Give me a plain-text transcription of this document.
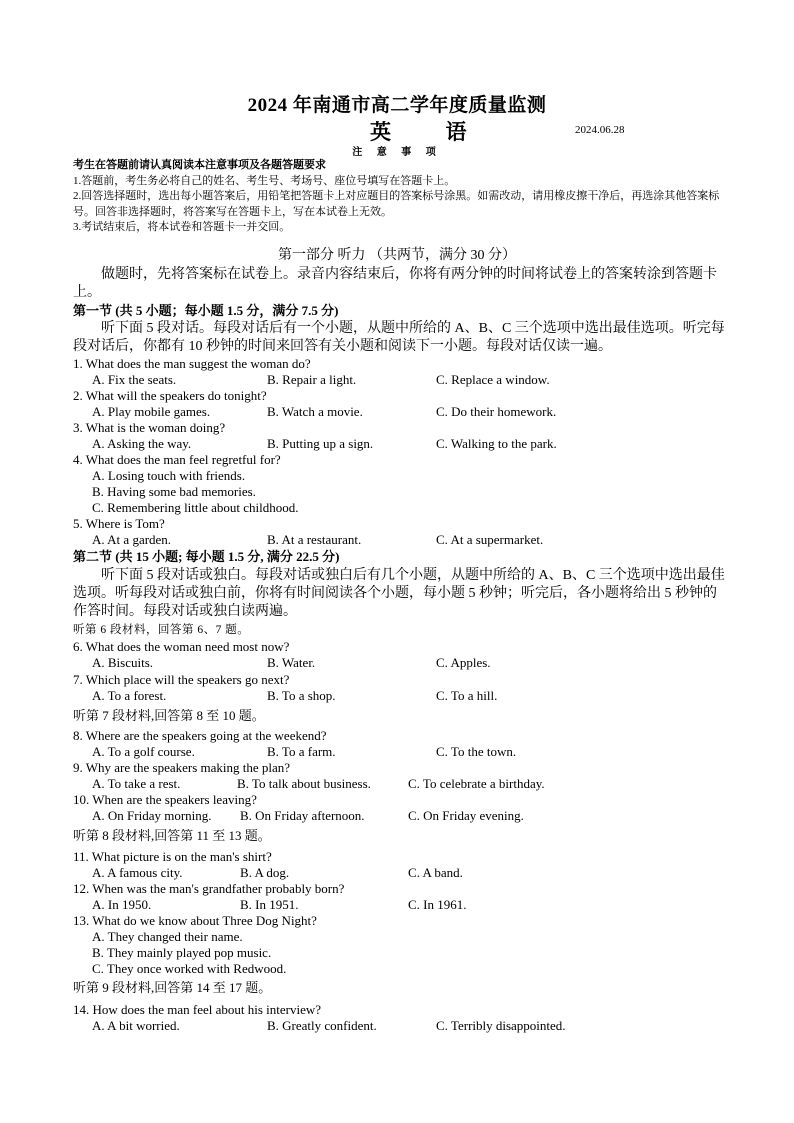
2024 年南通市高二学年度质量监测
英	语	2024.06.28
注 意 事 项
考生在答题前请认真阅读本注意事项及各题答题要求
1.答题前，考生务必将自己的姓名、考生号、考场号、座位号填写在答题卡上。
2.回答选择题时，选出每小题答案后，用铅笔把答题卡上对应题目的答案标号涂黑。如需改动，请用橡皮擦干净后，再选涂其他答案标号。回答非选择题时，将答案写在答题卡上，写在本试卷上无效。
3.考试结束后，将本试卷和答题卡一并交回。
第一部分 听力 （共两节，满分 30 分）
做题时，先将答案标在试卷上。录音内容结束后，你将有两分钟的时间将试卷上的答案转涂到答题卡上。
第一节 (共 5 小题；每小题 1.5 分，满分 7.5 分)
听下面 5 段对话。每段对话后有一个小题，从题中所给的 A、B、C 三个选项中选出最佳选项。听完每段对话后，你都有 10 秒钟的时间来回答有关小题和阅读下一小题。每段对话仅读一遍。
1. What does the man suggest the woman do?
A. Fix the seats.	B. Repair a light.	C. Replace a window.
2. What will the speakers do tonight?
A. Play mobile games.	B. Watch a movie.	C. Do their homework.
3. What is the woman doing?
A. Asking the way.	B. Putting up a sign.	C. Walking to the park.
4. What does the man feel regretful for?
A. Losing touch with friends.
B. Having some bad memories.
C. Remembering little about childhood.
5. Where is Tom?
A. At a garden.	B. At a restaurant.	C. At a supermarket.
第二节 (共 15 小题; 每小题 1.5 分, 满分 22.5 分)
听下面 5 段对话或独白。每段对话或独白后有几个小题，从题中所给的 A、B、C 三个选项中选出最佳选项。听每段对话或独白前，你将有时间阅读各个小题，每小题 5 秒钟；听完后，各小题将给出 5 秒钟的作答时间。每段对话或独白读两遍。
听第 6 段材料，回答第 6、7 题。
6. What does the woman need most now?
A. Biscuits.	B. Water.	C. Apples.
7. Which place will the speakers go next?
A. To a forest.	B. To a shop.	C. To a hill.
听第 7 段材料,回答第 8 至 10 题。
8. Where are the speakers going at the weekend?
A. To a golf course.	B. To a farm.	C. To the town.
9. Why are the speakers making the plan?
A. To take a rest.	B. To talk about business.	C. To celebrate a birthday.
10. When are the speakers leaving?
A. On Friday morning. B. On Friday afternoon.	C. On Friday evening.
听第 8 段材料,回答第 11 至 13 题。
11. What picture is on the man's shirt?
A. A famous city.	B. A dog.	C. A band.
12. When was the man's grandfather probably born?
A. In 1950.	B. In 1951.	C. In 1961.
13. What do we know about Three Dog Night?
A. They changed their name.
B. They mainly played pop music.
C. They once worked with Redwood.
听第 9 段材料,回答第 14 至 17 题。
14. How does the man feel about his interview?
A. A bit worried.	B. Greatly confident.	C. Terribly disappointed.
